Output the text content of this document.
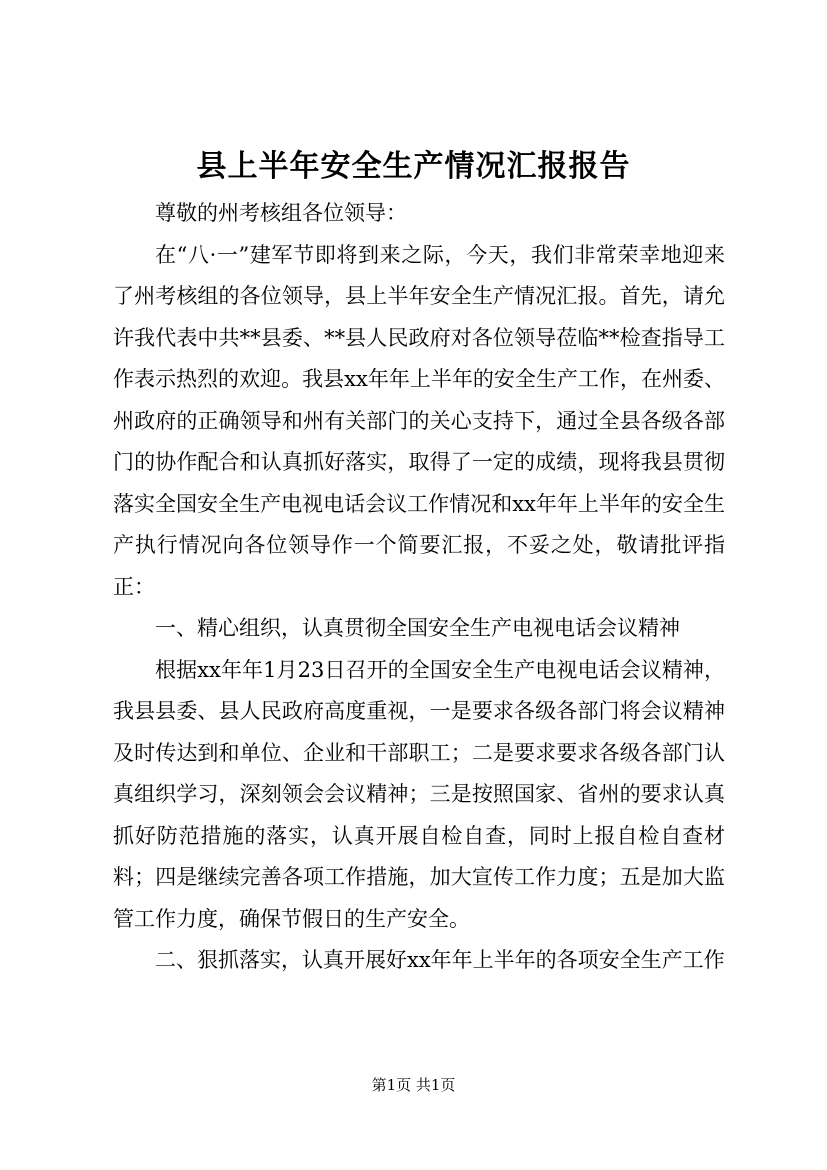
县上半年安全生产情况汇报报告

尊敬的州考核组各位领导：

在“八·一”建军节即将到来之际，今天，我们非常荣幸地迎来了州考核组的各位领导，县上半年安全生产情况汇报。首先，请允许我代表中共**县委、**县人民政府对各位领导莅临**检查指导工作表示热烈的欢迎。我县xx年年上半年的安全生产工作，在州委、州政府的正确领导和州有关部门的关心支持下，通过全县各级各部门的协作配合和认真抓好落实，取得了一定的成绩，现将我县贯彻落实全国安全生产电视电话会议工作情况和xx年年上半年的安全生产执行情况向各位领导作一个简要汇报，不妥之处，敬请批评指正：

一、精心组织，认真贯彻全国安全生产电视电话会议精神

根据xx年年1月23日召开的全国安全生产电视电话会议精神，我县县委、县人民政府高度重视，一是要求各级各部门将会议精神及时传达到和单位、企业和干部职工；二是要求要求各级各部门认真组织学习，深刻领会会议精神；三是按照国家、省州的要求认真抓好防范措施的落实，认真开展自检自查，同时上报自检自查材料；四是继续完善各项工作措施，加大宣传工作力度；五是加大监管工作力度，确保节假日的生产安全。

二、狠抓落实，认真开展好xx年年上半年的各项安全生产工作

第1页 共1页
